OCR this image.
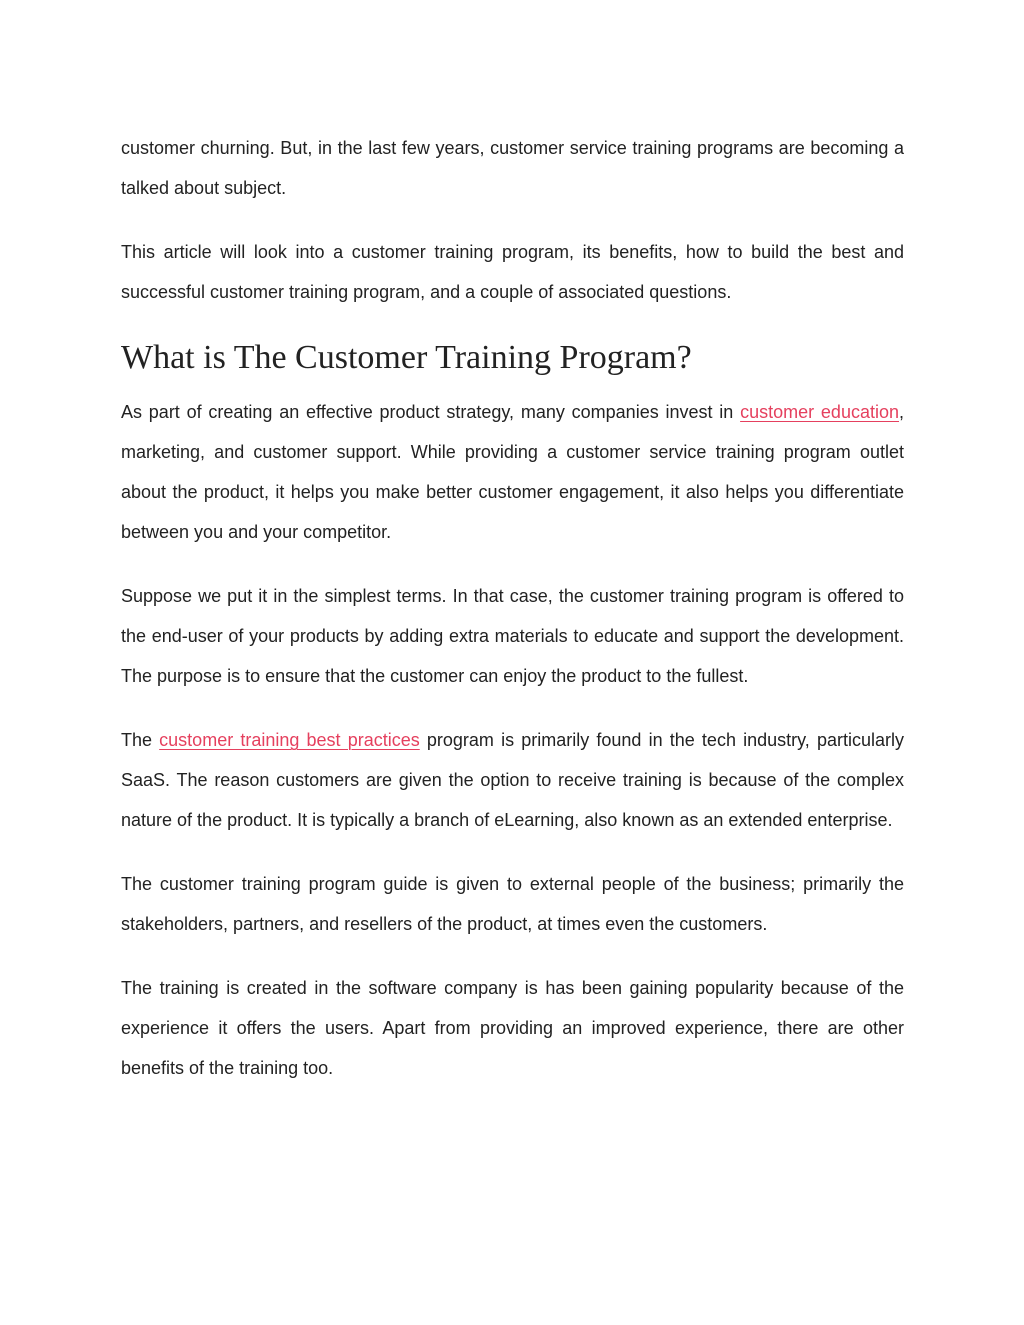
customer churning. But, in the last few years, customer service training programs are becoming a talked about subject.

This article will look into a customer training program, its benefits, how to build the best and successful customer training program, and a couple of associated questions.

What is The Customer Training Program?

As part of creating an effective product strategy, many companies invest in customer education, marketing, and customer support. While providing a customer service training program outlet about the product, it helps you make better customer engagement, it also helps you differentiate between you and your competitor.

Suppose we put it in the simplest terms. In that case, the customer training program is offered to the end-user of your products by adding extra materials to educate and support the development. The purpose is to ensure that the customer can enjoy the product to the fullest.

The customer training best practices program is primarily found in the tech industry, particularly SaaS. The reason customers are given the option to receive training is because of the complex nature of the product. It is typically a branch of eLearning, also known as an extended enterprise.

The customer training program guide is given to external people of the business; primarily the stakeholders, partners, and resellers of the product, at times even the customers.

The training is created in the software company is has been gaining popularity because of the experience it offers the users. Apart from providing an improved experience, there are other benefits of the training too.
